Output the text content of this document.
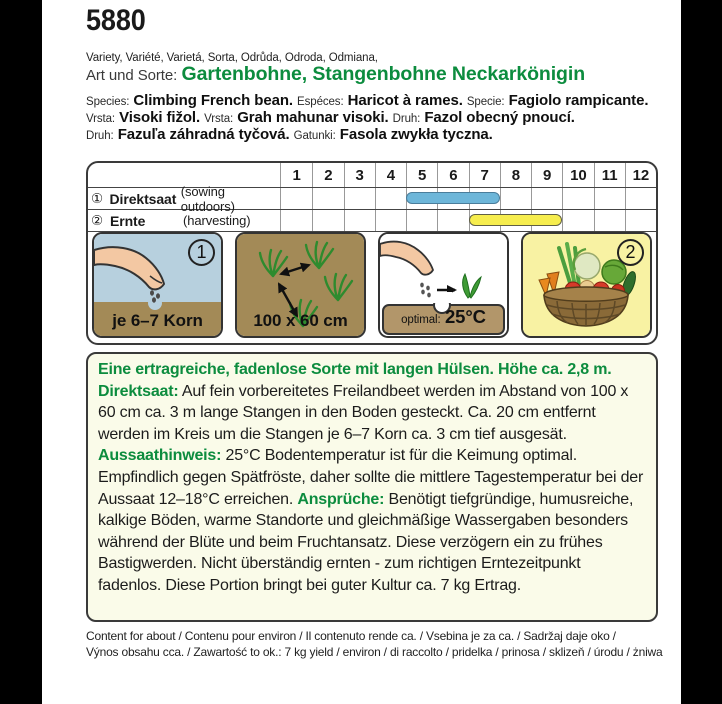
5880
Variety, Variété, Varietá, Sorta, Odrůda, Odroda, Odmiana,
Art und Sorte: Gartenbohne, Stangenbohne Neckarkönigin
Species: Climbing French bean. Espéces: Haricot à rames. Specie: Fagiolo rampicante.
Vrsta: Visoki fižol. Vrsta: Grah mahunar visoki. Druh: Fazol obecný pnoucí.
Druh: Fazuľa záhradná tyčová. Gatunki: Fasola zwykła tyczna.
1	2	3	4	5	6	7	8	9	10	11	12
① Direktsaat (sowing outdoors)
② Ernte	(harvesting)
1
je 6–7 Korn	100 x 60 cm	optimal: 25°C
2
Eine ertragreiche, fadenlose Sorte mit langen Hülsen. Höhe ca. 2,8 m.
Direktsaat: Auf fein vorbereitetes Freilandbeet werden im Abstand von 100 x 60 cm ca. 3 m lange Stangen in den Boden gesteckt. Ca. 20 cm entfernt werden im Kreis um die Stangen je 6–7 Korn ca. 3 cm tief ausgesät.
Aussaathinweis: 25°C Bodentemperatur ist für die Keimung optimal. Empfindlich gegen Spätfröste, daher sollte die mittlere Tagestemperatur bei der Aussaat 12–18°C erreichen. Ansprüche: Benötigt tiefgründige, humusreiche, kalkige Böden, warme Standorte und gleichmäßige Wassergaben besonders während der Blüte und beim Fruchtansatz. Diese verzögern ein zu frühes Bastigwerden. Nicht überständig ernten - zum richtigen Erntezeitpunkt fadenlos. Diese Portion bringt bei guter Kultur ca. 7 kg Ertrag.
Content for about / Contenu pour environ / Il contenuto rende ca. / Vsebina je za ca. / Sadržaj daje oko /
Výnos obsahu cca. / Zawartość to ok.: 7 kg yield / environ / di raccolto / pridelka / prinosa / sklizeň / úrodu / żniwa
